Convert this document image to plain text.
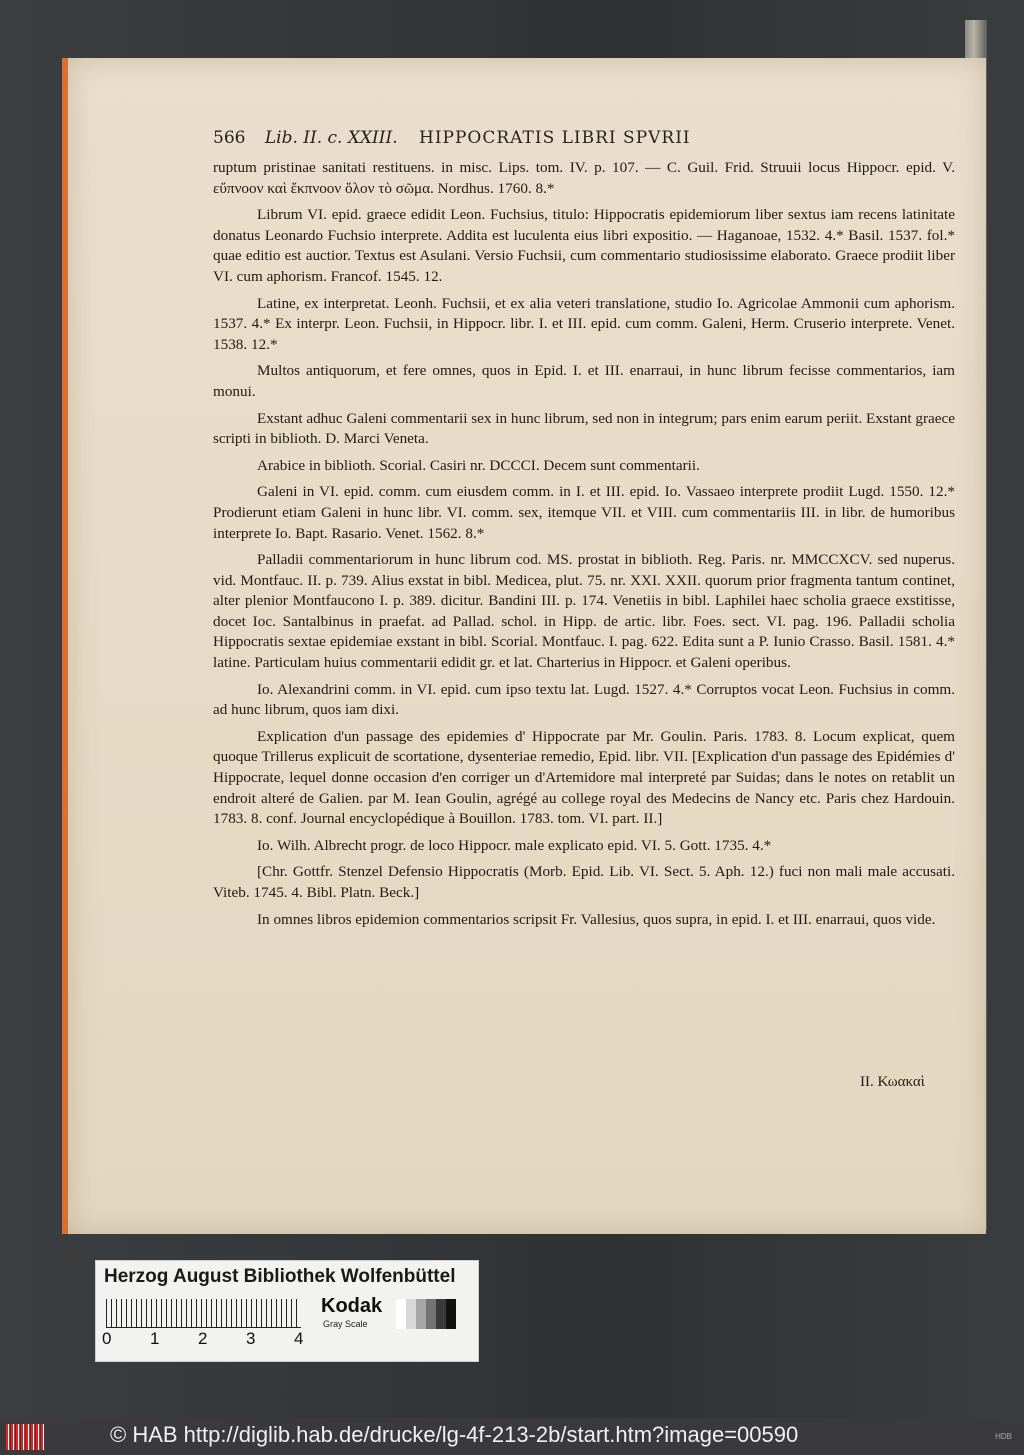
566 Lib. II. c. XXIII. HIPPOCRATIS LIBRI SPVRII

ruptum pristinae sanitati restituens. in misc. Lips. tom. IV. p. 107. — C. Guil. Frid. Struuii locus Hippocr. epid. V. εὔπνοον καὶ ἔκπνοον ὅλον τὸ σῶμα. Nordhus. 1760. 8.*

Librum VI. epid. graece edidit Leon. Fuchsius, titulo: Hippocratis epidemiorum liber sextus iam recens latinitate donatus Leonardo Fuchsio interprete. Addita est luculenta eius libri expositio. — Haganoae, 1532. 4.* Basil. 1537. fol.* quae editio est auctior. Textus est Asulani. Versio Fuchsii, cum commentario studiosissime elaborato. Graece prodiit liber VI. cum aphorism. Francof. 1545. 12.

Latine, ex interpretat. Leonh. Fuchsii, et ex alia veteri translatione, studio Io. Agricolae Ammonii cum aphorism. 1537. 4.* Ex interpr. Leon. Fuchsii, in Hippocr. libr. I. et III. epid. cum comm. Galeni, Herm. Cruserio interprete. Venet. 1538. 12.*

Multos antiquorum, et fere omnes, quos in Epid. I. et III. enarraui, in hunc librum fecisse commentarios, iam monui.

Exstant adhuc Galeni commentarii sex in hunc librum, sed non in integrum; pars enim earum periit. Exstant graece scripti in biblioth. D. Marci Veneta.

Arabice in biblioth. Scorial. Casiri nr. DCCCI. Decem sunt commentarii.

Galeni in VI. epid. comm. cum eiusdem comm. in I. et III. epid. Io. Vassaeo interprete prodiit Lugd. 1550. 12.* Prodierunt etiam Galeni in hunc libr. VI. comm. sex, itemque VII. et VIII. cum commentariis III. in libr. de humoribus interprete Io. Bapt. Rasario. Venet. 1562. 8.*

Palladii commentariorum in hunc librum cod. MS. prostat in biblioth. Reg. Paris. nr. MMCCXCV. sed nuperus. vid. Montfauc. II. p. 739. Alius exstat in bibl. Medicea, plut. 75. nr. XXI. XXII. quorum prior fragmenta tantum continet, alter plenior Montfaucono I. p. 389. dicitur. Bandini III. p. 174. Venetiis in bibl. Laphilei haec scholia graece exstitisse, docet Ioc. Santalbinus in praefat. ad Pallad. schol. in Hipp. de artic. libr. Foes. sect. VI. pag. 196. Palladii scholia Hippocratis sextae epidemiae exstant in bibl. Scorial. Montfauc. I. pag. 622. Edita sunt a P. Iunio Crasso. Basil. 1581. 4.* latine. Particulam huius commentarii edidit gr. et lat. Charterius in Hippocr. et Galeni operibus.

Io. Alexandrini comm. in VI. epid. cum ipso textu lat. Lugd. 1527. 4.* Corruptos vocat Leon. Fuchsius in comm. ad hunc librum, quos iam dixi.

Explication d'un passage des epidemies d' Hippocrate par Mr. Goulin. Paris. 1783. 8. Locum explicat, quem quoque Trillerus explicuit de scortatione, dysenteriae remedio, Epid. libr. VII. [Explication d'un passage des Epidémies d' Hippocrate, lequel donne occasion d'en corriger un d'Artemidore mal interpreté par Suidas; dans le notes on retablit un endroit alteré de Galien. par M. Iean Goulin, agrégé au college royal des Medecins de Nancy etc. Paris chez Hardouin. 1783. 8. conf. Journal encyclopédique à Bouillon. 1783. tom. VI. part. II.]

Io. Wilh. Albrecht progr. de loco Hippocr. male explicato epid. VI. 5. Gott. 1735. 4.*

[Chr. Gottfr. Stenzel Defensio Hippocratis (Morb. Epid. Lib. VI. Sect. 5. Aph. 12.) fuci non mali male accusati. Viteb. 1745. 4. Bibl. Platn. Beck.]

In omnes libros epidemion commentarios scripsit Fr. Vallesius, quos supra, in epid. I. et III. enarraui, quos vide.

II. Κωακαὶ
Herzog August Bibliothek Wolfenbüttel
0 1 2 3 4
Kodak
Gray Scale
© HAB http://diglib.hab.de/drucke/lg-4f-213-2b/start.htm?image=00590	HDB
